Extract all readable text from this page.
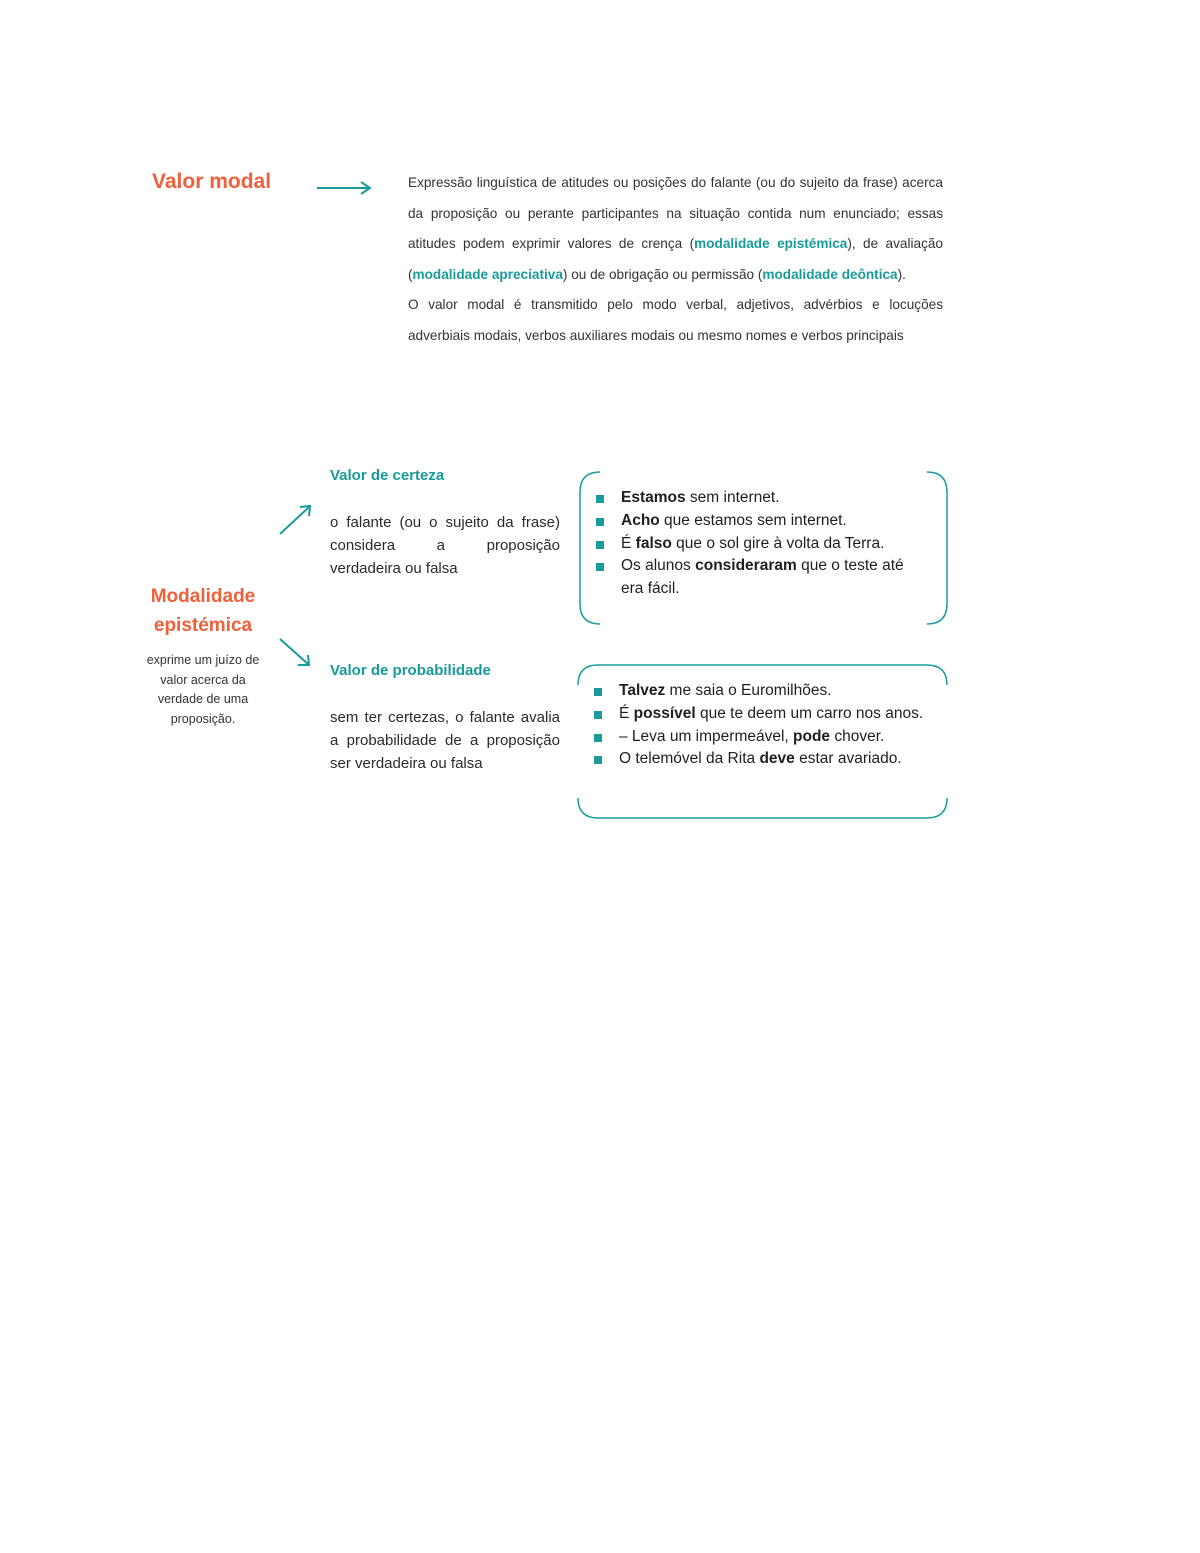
Valor modal	Expressão linguística de atitudes ou posições do falante (ou do sujeito da frase) acerca da proposição ou perante participantes na situação contida num enunciado; essas atitudes podem exprimir valores de crença (modalidade epistémica), de avaliação (modalidade apreciativa) ou de obrigação ou permissão (modalidade deôntica).

O valor modal é transmitido pelo modo verbal, adjetivos, advérbios e locuções adverbiais modais, verbos auxiliares modais ou mesmo nomes e verbos principais

Modalidade
epistémica
exprime um juízo de valor acerca da verdade de uma proposição.
Valor de certeza
o falante (ou o sujeito da frase) considera a proposição verdadeira ou falsa
Estamos sem internet.
Acho que estamos sem internet.
É falso que o sol gire à volta da Terra.
Os alunos consideraram que o teste até era fácil.
Valor de probabilidade
sem ter certezas, o falante avalia a probabilidade de a proposição ser verdadeira ou falsa
Talvez me saia o Euromilhões.
É possível que te deem um carro nos anos.
– Leva um impermeável, pode chover.
O telemóvel da Rita deve estar avariado.
